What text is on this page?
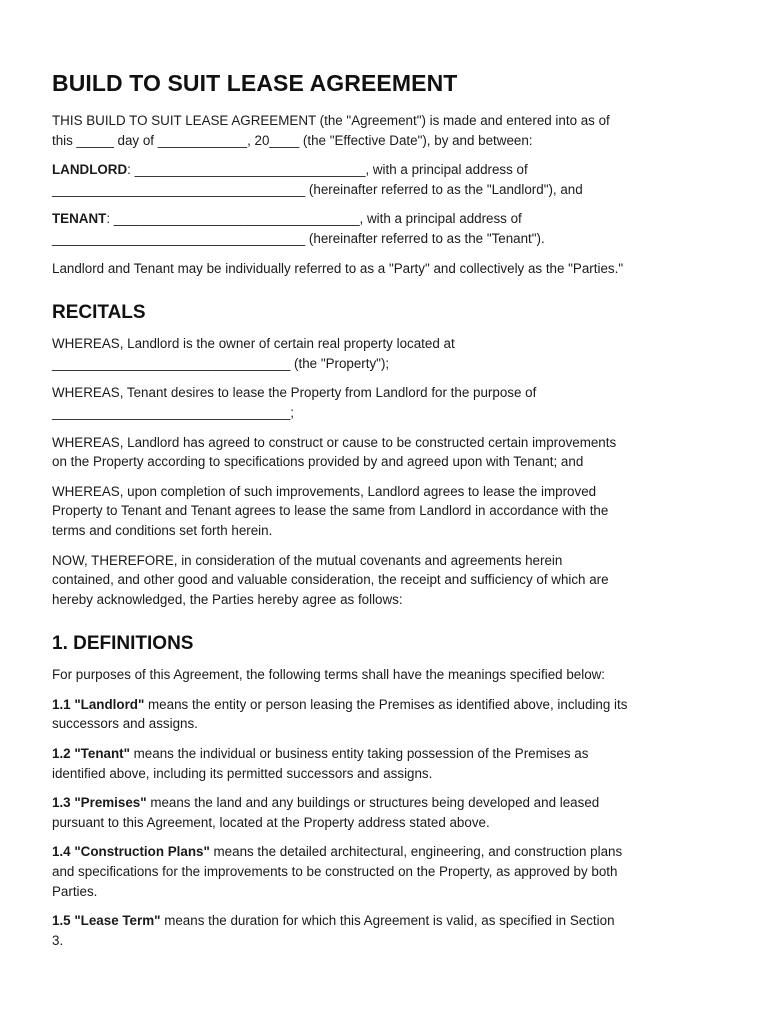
BUILD TO SUIT LEASE AGREEMENT

THIS BUILD TO SUIT LEASE AGREEMENT (the "Agreement") is made and entered into as of
this _____ day of ____________, 20____ (the "Effective Date"), by and between:

LANDLORD: _______________________________, with a principal address of
__________________________________ (hereinafter referred to as the "Landlord"), and

TENANT: _________________________________, with a principal address of
__________________________________ (hereinafter referred to as the "Tenant").

Landlord and Tenant may be individually referred to as a "Party" and collectively as the "Parties."

RECITALS

WHEREAS, Landlord is the owner of certain real property located at
________________________________ (the "Property");

WHEREAS, Tenant desires to lease the Property from Landlord for the purpose of
________________________________;

WHEREAS, Landlord has agreed to construct or cause to be constructed certain improvements
on the Property according to specifications provided by and agreed upon with Tenant; and

WHEREAS, upon completion of such improvements, Landlord agrees to lease the improved
Property to Tenant and Tenant agrees to lease the same from Landlord in accordance with the
terms and conditions set forth herein.

NOW, THEREFORE, in consideration of the mutual covenants and agreements herein
contained, and other good and valuable consideration, the receipt and sufficiency of which are
hereby acknowledged, the Parties hereby agree as follows:

1. DEFINITIONS

For purposes of this Agreement, the following terms shall have the meanings specified below:

1.1 "Landlord" means the entity or person leasing the Premises as identified above, including its
successors and assigns.

1.2 "Tenant" means the individual or business entity taking possession of the Premises as
identified above, including its permitted successors and assigns.

1.3 "Premises" means the land and any buildings or structures being developed and leased
pursuant to this Agreement, located at the Property address stated above.

1.4 "Construction Plans" means the detailed architectural, engineering, and construction plans
and specifications for the improvements to be constructed on the Property, as approved by both
Parties.

1.5 "Lease Term" means the duration for which this Agreement is valid, as specified in Section
3.
